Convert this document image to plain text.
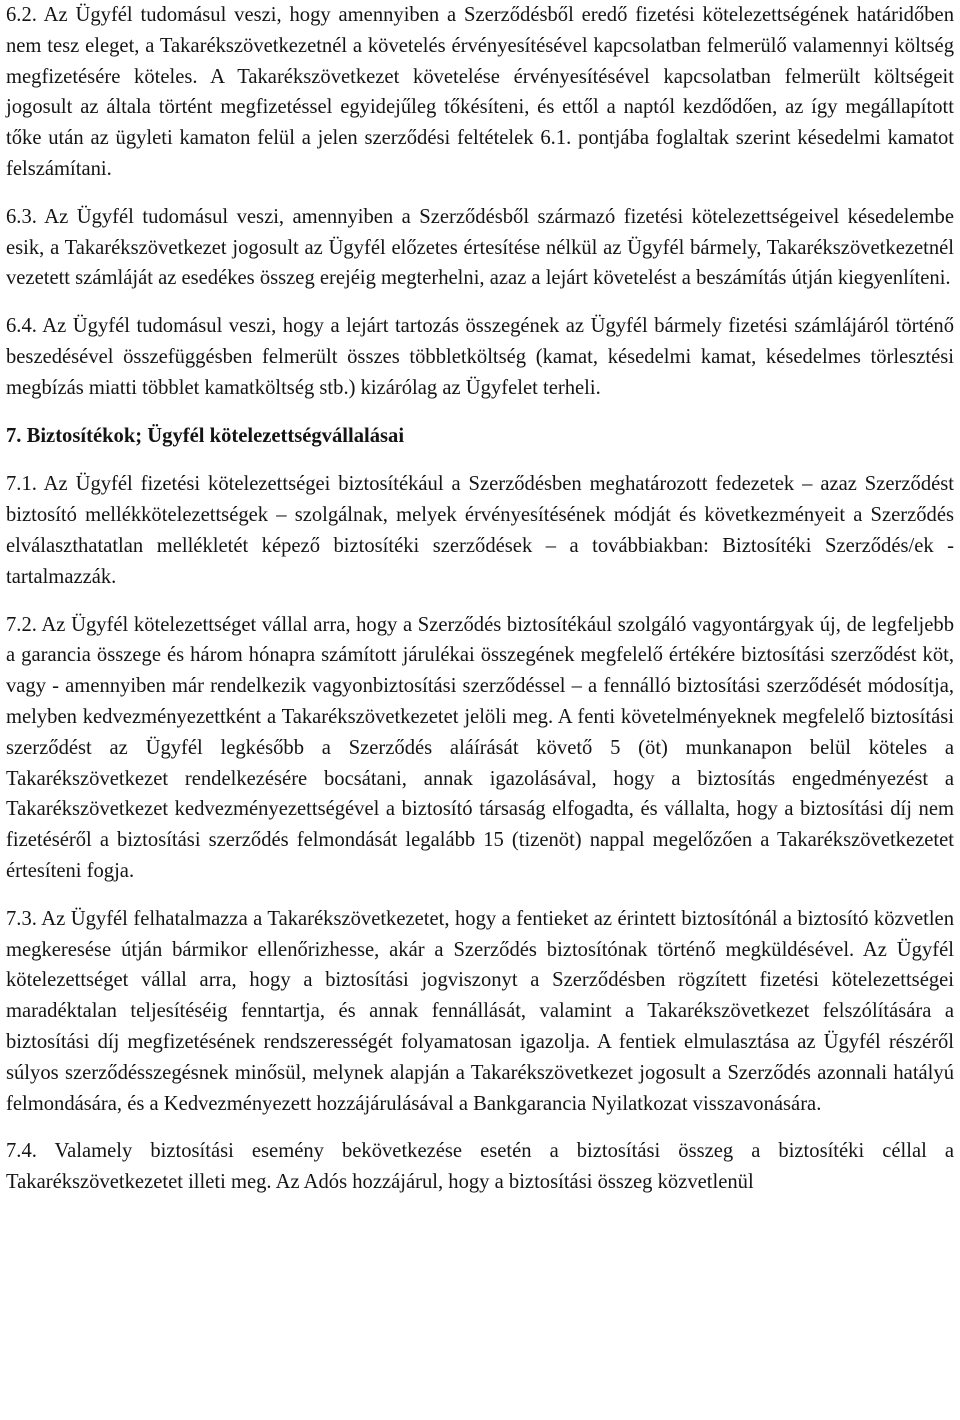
6.2. Az Ügyfél tudomásul veszi, hogy amennyiben a Szerződésből eredő fizetési kötelezettségének határidőben nem tesz eleget, a Takarékszövetkezetnél a követelés érvényesítésével kapcsolatban felmerülő valamennyi költség megfizetésére köteles. A Takarékszövetkezet követelése érvényesítésével kapcsolatban felmerült költségeit jogosult az általa történt megfizetéssel egyidejűleg tőkésíteni, és ettől a naptól kezdődően, az így megállapított tőke után az ügyleti kamaton felül a jelen szerződési feltételek 6.1. pontjába foglaltak szerint késedelmi kamatot felszámítani.

6.3. Az Ügyfél tudomásul veszi, amennyiben a Szerződésből származó fizetési kötelezettségeivel késedelembe esik, a Takarékszövetkezet jogosult az Ügyfél előzetes értesítése nélkül az Ügyfél bármely, Takarékszövetkezetnél vezetett számláját az esedékes összeg erejéig megterhelni, azaz a lejárt követelést a beszámítás útján kiegyenlíteni.

6.4. Az Ügyfél tudomásul veszi, hogy a lejárt tartozás összegének az Ügyfél bármely fizetési számlájáról történő beszedésével összefüggésben felmerült összes többletköltség (kamat, késedelmi kamat, késedelmes törlesztési megbízás miatti többlet kamatköltség stb.) kizárólag az Ügyfelet terheli.

7. Biztosítékok; Ügyfél kötelezettségvállalásai

7.1. Az Ügyfél fizetési kötelezettségei biztosítékául a Szerződésben meghatározott fedezetek – azaz Szerződést biztosító mellékkötelezettségek – szolgálnak, melyek érvényesítésének módját és következményeit a Szerződés elválaszthatatlan mellékletét képező biztosítéki szerződések – a továbbiakban: Biztosítéki Szerződés/ek - tartalmazzák.

7.2. Az Ügyfél kötelezettséget vállal arra, hogy a Szerződés biztosítékául szolgáló vagyontárgyak új, de legfeljebb a garancia összege és három hónapra számított járulékai összegének megfelelő értékére biztosítási szerződést köt, vagy - amennyiben már rendelkezik vagyonbiztosítási szerződéssel – a fennálló biztosítási szerződését módosítja, melyben kedvezményezettként a Takarékszövetkezetet jelöli meg. A fenti követelményeknek megfelelő biztosítási szerződést az Ügyfél legkésőbb a Szerződés aláírását követő 5 (öt) munkanapon belül köteles a Takarékszövetkezet rendelkezésére bocsátani, annak igazolásával, hogy a biztosítás engedményezést a Takarékszövetkezet kedvezményezettségével a biztosító társaság elfogadta, és vállalta, hogy a biztosítási díj nem fizetéséről a biztosítási szerződés felmondását legalább 15 (tizenöt) nappal megelőzően a Takarékszövetkezetet értesíteni fogja.

7.3. Az Ügyfél felhatalmazza a Takarékszövetkezetet, hogy a fentieket az érintett biztosítónál a biztosító közvetlen megkeresése útján bármikor ellenőrizhesse, akár a Szerződés biztosítónak történő megküldésével. Az Ügyfél kötelezettséget vállal arra, hogy a biztosítási jogviszonyt a Szerződésben rögzített fizetési kötelezettségei maradéktalan teljesítéséig fenntartja, és annak fennállását, valamint a Takarékszövetkezet felszólítására a biztosítási díj megfizetésének rendszerességét folyamatosan igazolja. A fentiek elmulasztása az Ügyfél részéről súlyos szerződésszegésnek minősül, melynek alapján a Takarékszövetkezet jogosult a Szerződés azonnali hatályú felmondására, és a Kedvezményezett hozzájárulásával a Bankgarancia Nyilatkozat visszavonására.

7.4. Valamely biztosítási esemény bekövetkezése esetén a biztosítási összeg a biztosítéki céllal a Takarékszövetkezetet illeti meg. Az Adós hozzájárul, hogy a biztosítási összeg közvetlenül
